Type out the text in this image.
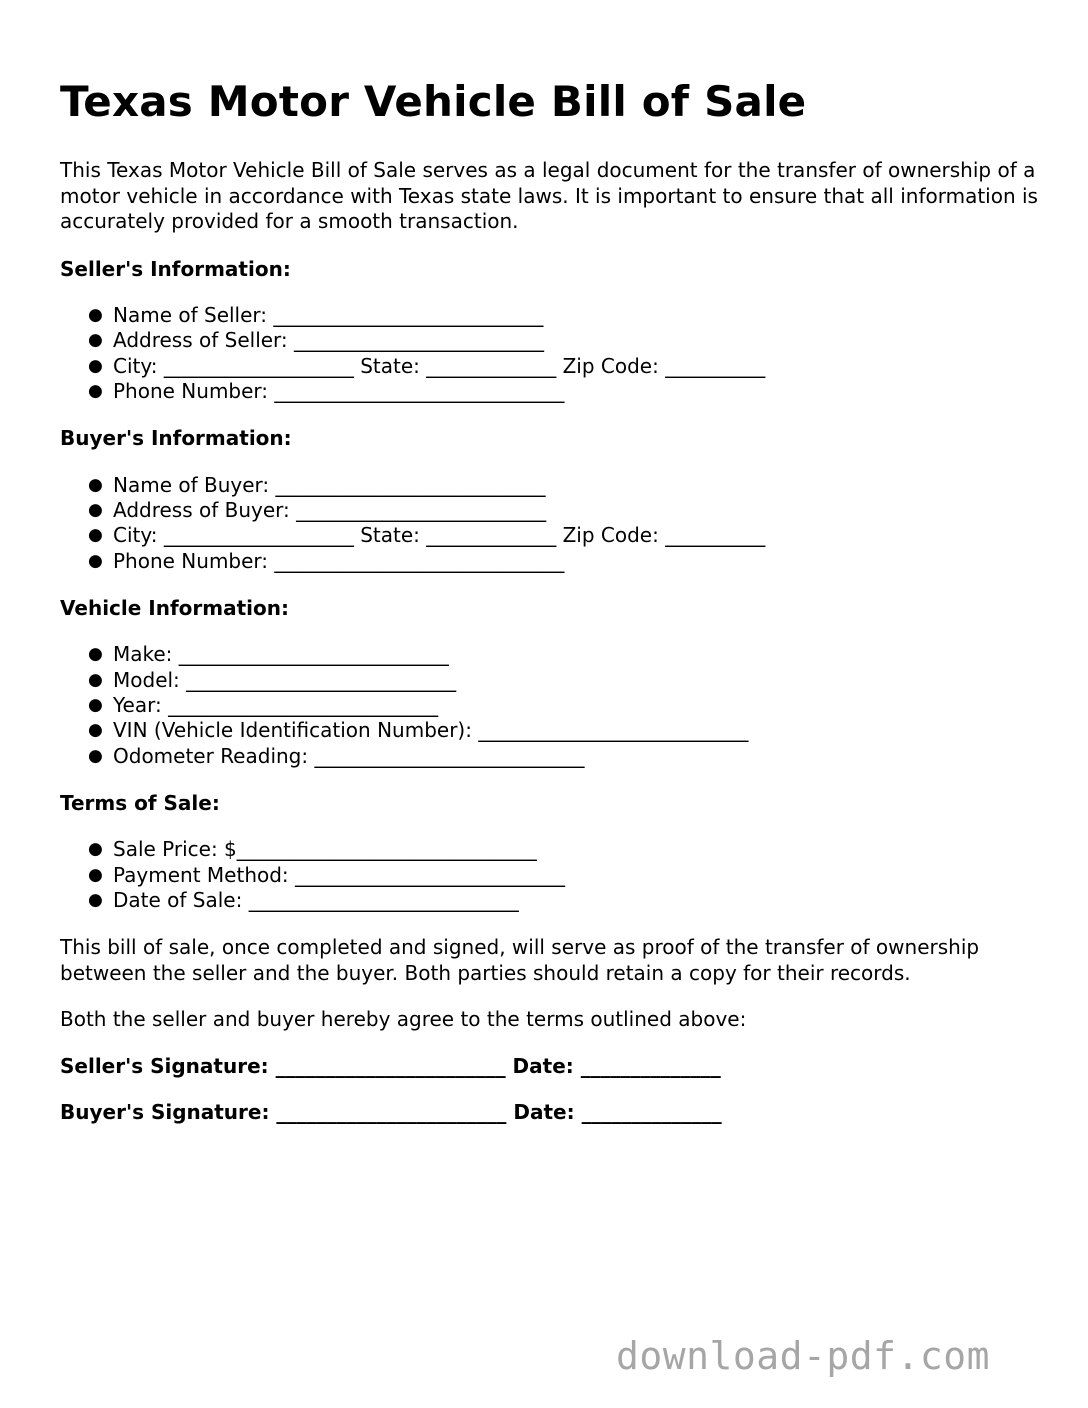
Texas Motor Vehicle Bill of Sale

This Texas Motor Vehicle Bill of Sale serves as a legal document for the transfer of ownership of a motor vehicle in accordance with Texas state laws. It is important to ensure that all information is accurately provided for a smooth transaction.

Seller's Information:
● Name of Seller: ___________________________
● Address of Seller: _________________________
● City: ___________________ State: _____________ Zip Code: __________
● Phone Number: _____________________________
Buyer's Information:
● Name of Buyer: ___________________________
● Address of Buyer: _________________________
● City: ___________________ State: _____________ Zip Code: __________
● Phone Number: _____________________________
Vehicle Information:
● Make: ___________________________
● Model: ___________________________
● Year: ___________________________
● VIN (Vehicle Identification Number): ___________________________
● Odometer Reading: ___________________________
Terms of Sale:
● Sale Price: $______________________________
● Payment Method: ___________________________
● Date of Sale: ___________________________

This bill of sale, once completed and signed, will serve as proof of the transfer of ownership between the seller and the buyer. Both parties should retain a copy for their records.

Both the seller and buyer hereby agree to the terms outlined above:

Seller's Signature: _______________________ Date: ______________
Buyer's Signature: _______________________ Date: ______________
download-pdf.com
